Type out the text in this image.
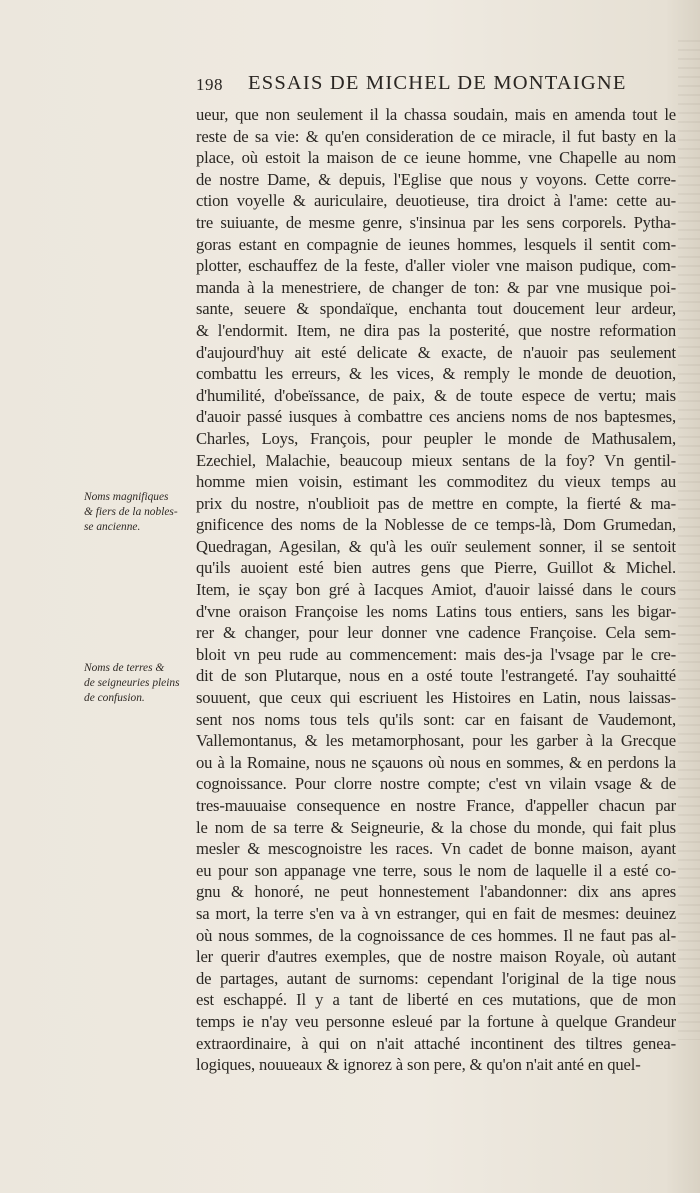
198 ESSAIS DE MICHEL DE MONTAIGNE
ueur, que non seulement il la chassa soudain, mais en amenda tout le
reste de sa vie: & qu'en consideration de ce miracle, il fut basty en la
place, où estoit la maison de ce ieune homme, vne Chapelle au nom
de nostre Dame, & depuis, l'Eglise que nous y voyons. Cette corre-
ction voyelle & auriculaire, deuotieuse, tira droict à l'ame: cette au-
tre suiuante, de mesme genre, s'insinua par les sens corporels. Pytha-
goras estant en compagnie de ieunes hommes, lesquels il sentit com-
plotter, eschauffez de la feste, d'aller violer vne maison pudique, com-
manda à la menestriere, de changer de ton: & par vne musique poi-
sante, seuere & spondaïque, enchanta tout doucement leur ardeur,
& l'endormit. Item, ne dira pas la posterité, que nostre reformation
d'aujourd'huy ait esté delicate & exacte, de n'auoir pas seulement
combattu les erreurs, & les vices, & remply le monde de deuotion,
d'humilité, d'obeïssance, de paix, & de toute espece de vertu; mais
d'auoir passé iusques à combattre ces anciens noms de nos baptesmes,
Charles, Loys, François, pour peupler le monde de Mathusalem,
Ezechiel, Malachie, beaucoup mieux sentans de la foy? Vn gentil-
homme mien voisin, estimant les commoditez du vieux temps au
prix du nostre, n'oublioit pas de mettre en compte, la fierté & ma-
gnificence des noms de la Noblesse de ce temps-là, Dom Grumedan,
Quedragan, Agesilan, & qu'à les ouïr seulement sonner, il se sentoit
qu'ils auoient esté bien autres gens que Pierre, Guillot & Michel.
Item, ie sçay bon gré à Iacques Amiot, d'auoir laissé dans le cours
d'vne oraison Françoise les noms Latins tous entiers, sans les bigar-
rer & changer, pour leur donner vne cadence Françoise. Cela sem-
bloit vn peu rude au commencement: mais des-ja l'vsage par le cre-
dit de son Plutarque, nous en a osté toute l'estrangeté. I'ay souhaitté
souuent, que ceux qui escriuent les Histoires en Latin, nous laissas-
sent nos noms tous tels qu'ils sont: car en faisant de Vaudemont,
Vallemontanus, & les metamorphosant, pour les garber à la Grecque
ou à la Romaine, nous ne sçauons où nous en sommes, & en perdons la
cognoissance. Pour clorre nostre compte; c'est vn vilain vsage & de
tres-mauuaise consequence en nostre France, d'appeller chacun par
le nom de sa terre & Seigneurie, & la chose du monde, qui fait plus
mesler & mescognoistre les races. Vn cadet de bonne maison, ayant
eu pour son appanage vne terre, sous le nom de laquelle il a esté co-
gnu & honoré, ne peut honnestement l'abandonner: dix ans apres
sa mort, la terre s'en va à vn estranger, qui en fait de mesmes: deuinez
où nous sommes, de la cognoissance de ces hommes. Il ne faut pas al-
ler querir d'autres exemples, que de nostre maison Royale, où autant
de partages, autant de surnoms: cependant l'original de la tige nous
est eschappé. Il y a tant de liberté en ces mutations, que de mon
temps ie n'ay veu personne esleué par la fortune à quelque Grandeur
extraordinaire, à qui on n'ait attaché incontinent des tiltres genea-
logiques, nouueaux & ignorez à son pere, & qu'on n'ait anté en quel-
Noms magnifiques
& fiers de la nobles-
se ancienne.
Noms de terres &
de seigneuries pleins
de confusion.
